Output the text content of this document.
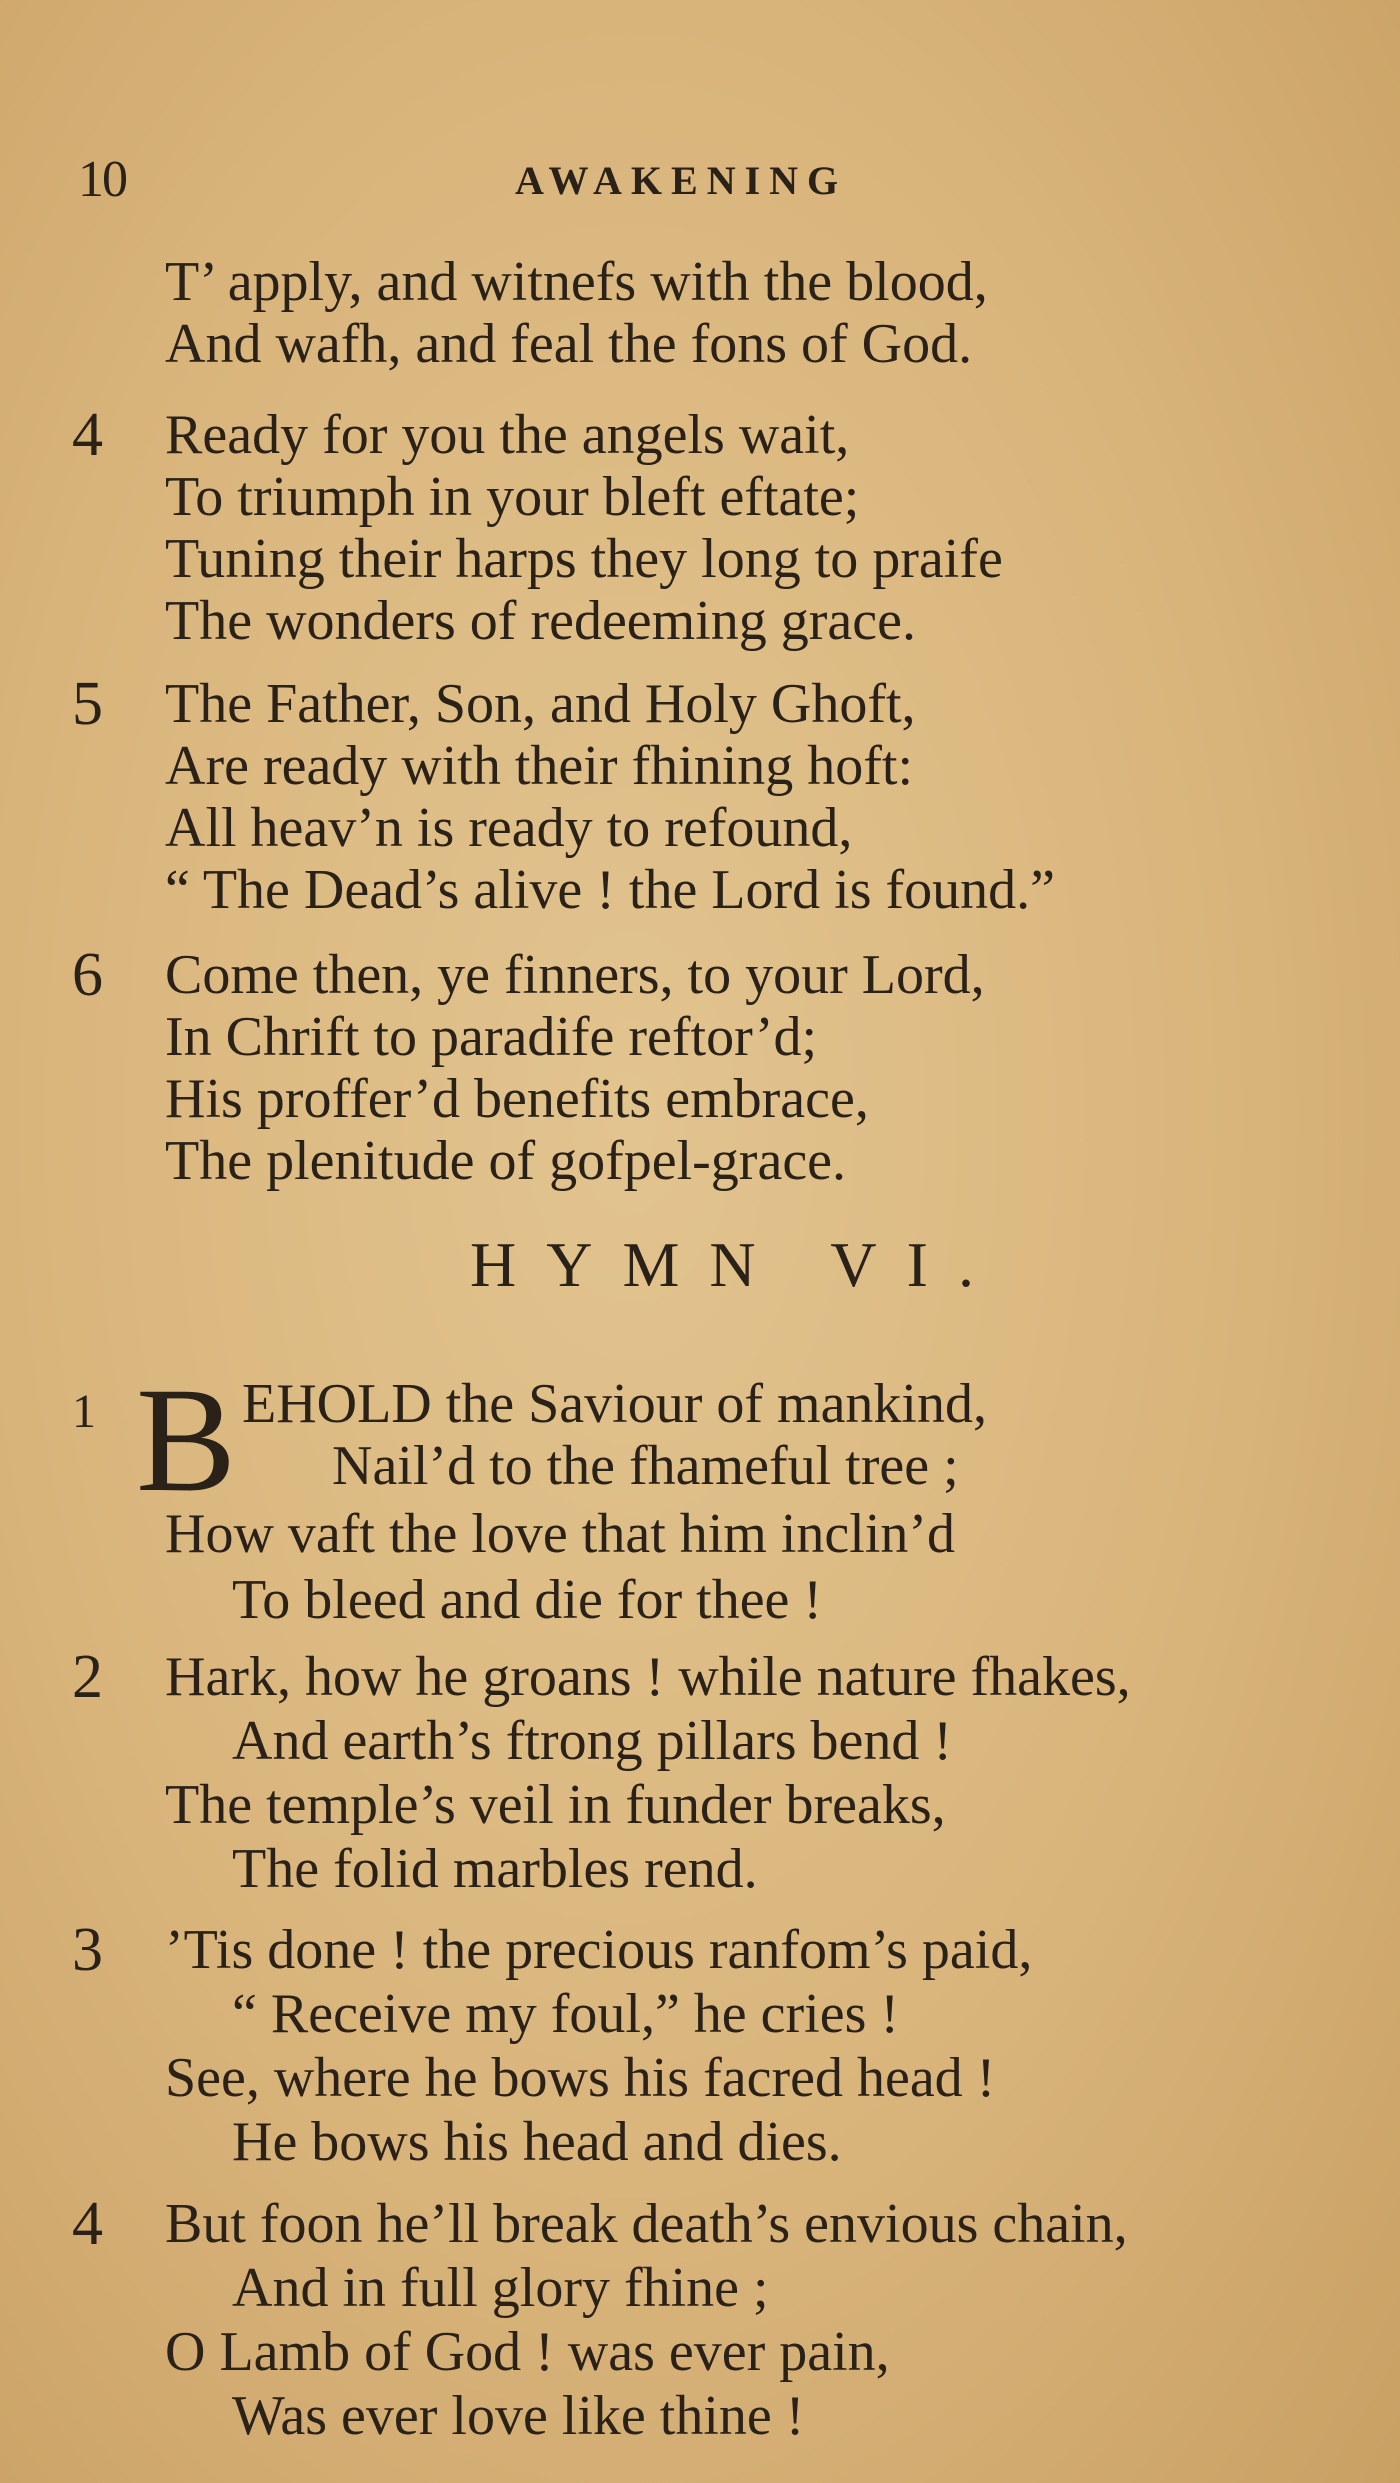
10	AWAKENING
T’ apply, and witnefs with the blood,
And wafh, and feal the fons of God.
4 Ready for you the angels wait,
To triumph in your bleft eftate;
Tuning their harps they long to praife
The wonders of redeeming grace.
5 The Father, Son, and Holy Ghoft,
Are ready with their fhining hoft:
All heav’n is ready to refound,
“ The Dead’s alive ! the Lord is found.”
6 Come then, ye finners, to your Lord,
In Chrift to paradife reftor’d;
His proffer’d benefits embrace,
The plenitude of gofpel-grace.
HYMN VI.
1 B EHOLD the Saviour of mankind,
Nail’d to the fhameful tree ;
How vaft the love that him inclin’d
To bleed and die for thee !
2 Hark, how he groans ! while nature fhakes,
And earth’s ftrong pillars bend !
The temple’s veil in funder breaks,
The folid marbles rend.
3 ’Tis done ! the precious ranfom’s paid,
“ Receive my foul,” he cries !
See, where he bows his facred head !
He bows his head and dies.
4 But foon he’ll break death’s envious chain,
And in full glory fhine ;
O Lamb of God ! was ever pain,
Was ever love like thine !
